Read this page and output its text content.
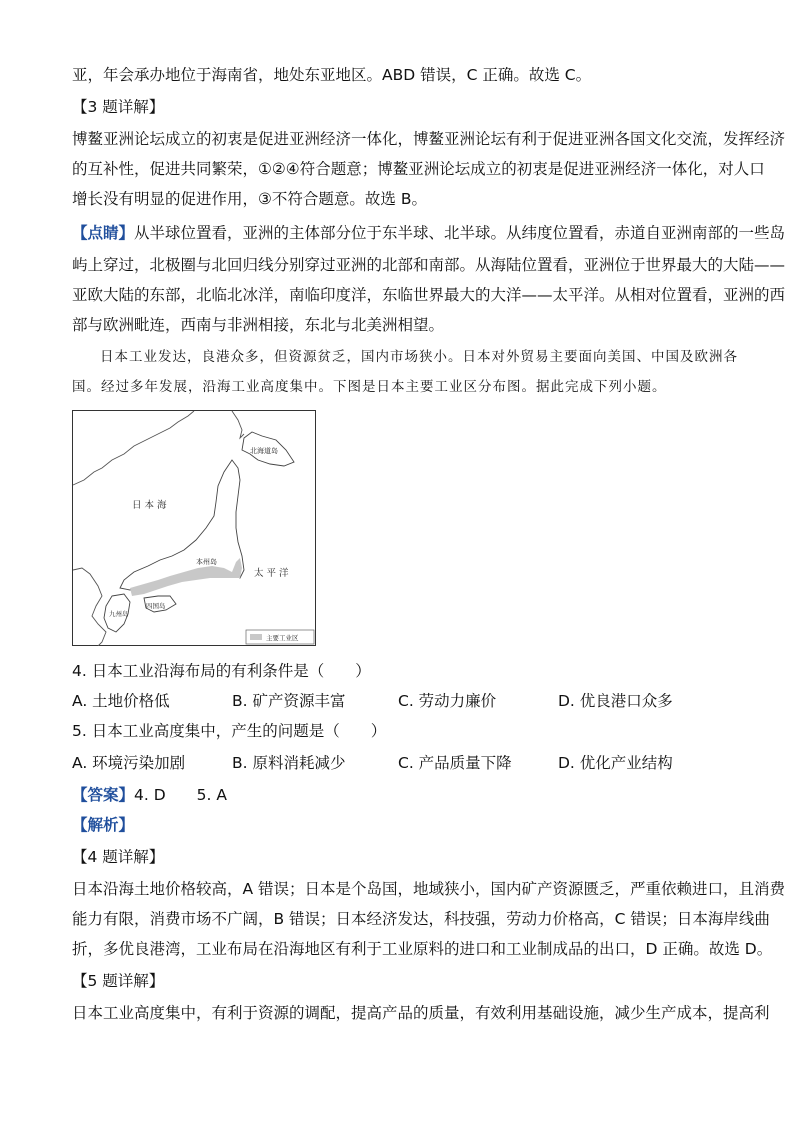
亚，年会承办地位于海南省，地处东亚地区。ABD 错误，C 正确。故选 C。
【3 题详解】
博鳌亚洲论坛成立的初衷是促进亚洲经济一体化，博鳌亚洲论坛有利于促进亚洲各国文化交流，发挥经济
的互补性，促进共同繁荣，①②④符合题意；博鳌亚洲论坛成立的初衷是促进亚洲经济一体化，对人口
增长没有明显的促进作用，③不符合题意。故选 B。
【点睛】从半球位置看，亚洲的主体部分位于东半球、北半球。从纬度位置看，赤道自亚洲南部的一些岛
屿上穿过，北极圈与北回归线分别穿过亚洲的北部和南部。从海陆位置看，亚洲位于世界最大的大陆——
亚欧大陆的东部，北临北冰洋，南临印度洋，东临世界最大的大洋——太平洋。从相对位置看，亚洲的西
部与欧洲毗连，西南与非洲相接，东北与北美洲相望。
日本工业发达，良港众多，但资源贫乏，国内市场狭小。日本对外贸易主要面向美国、中国及欧洲各
国。经过多年发展，沿海工业高度集中。下图是日本主要工业区分布图。据此完成下列小题。
日 本 海
太 平 洋
北海道岛
本州岛
四国岛
九州岛
主要工业区
4. 日本工业沿海布局的有利条件是（　　）
A. 土地价格低	B. 矿产资源丰富	C. 劳动力廉价	D. 优良港口众多
5. 日本工业高度集中，产生的问题是（　　）
A. 环境污染加剧	B. 原料消耗减少	C. 产品质量下降	D. 优化产业结构
【答案】4. D　　5. A
【解析】
【4 题详解】
日本沿海土地价格较高，A 错误；日本是个岛国，地域狭小，国内矿产资源匮乏，严重依赖进口，且消费
能力有限，消费市场不广阔，B 错误；日本经济发达，科技强，劳动力价格高，C 错误；日本海岸线曲
折，多优良港湾，工业布局在沿海地区有利于工业原料的进口和工业制成品的出口，D 正确。故选 D。
【5 题详解】
日本工业高度集中，有利于资源的调配，提高产品的质量，有效利用基础设施，减少生产成本，提高利
